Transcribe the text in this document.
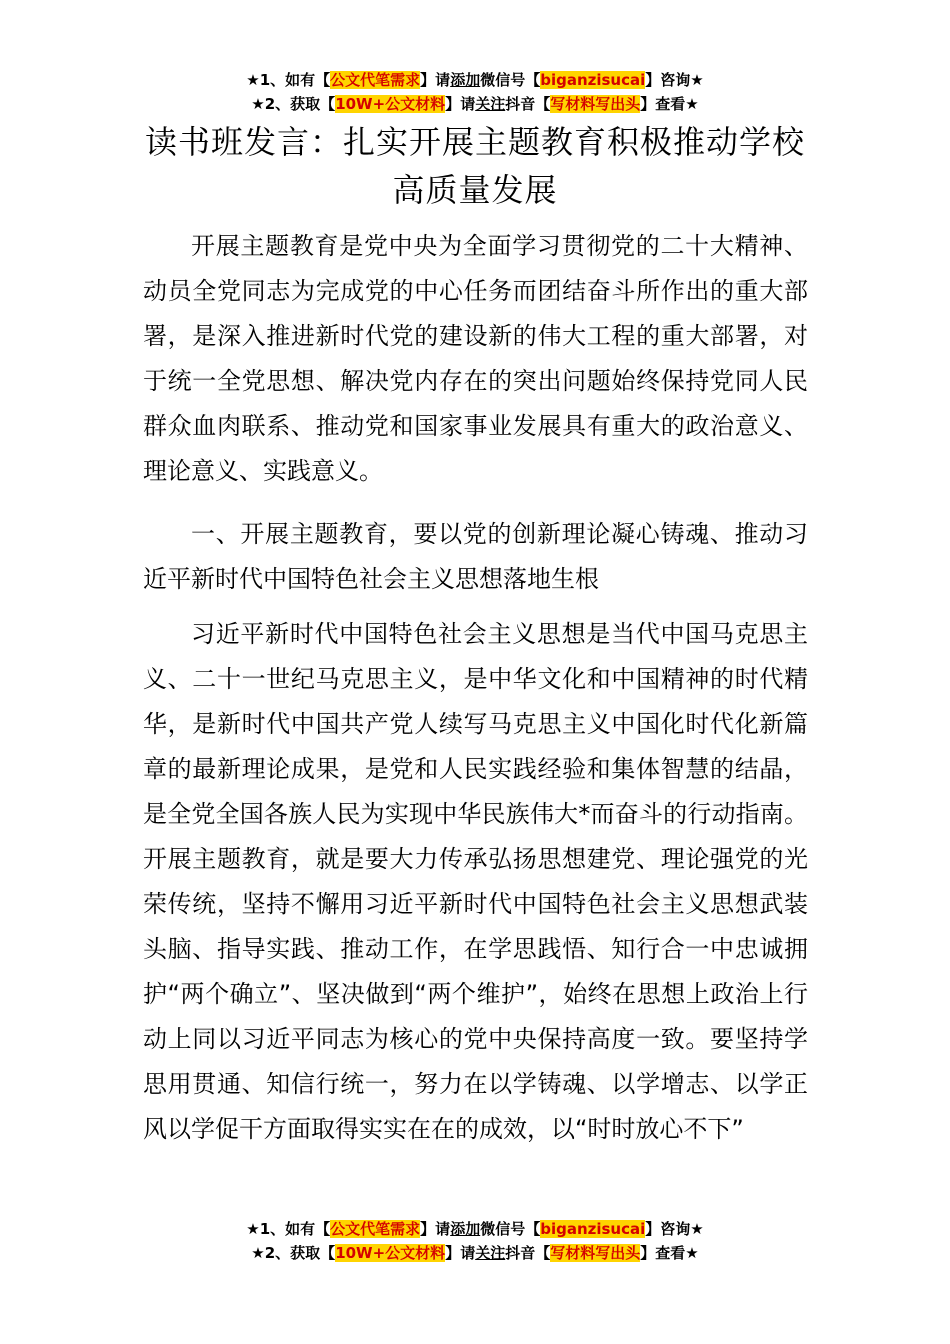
★1、如有【公文代笔需求】请添加微信号【biganzisucai】咨询★
★2、获取【10W+公文材料】请关注抖音【写材料写出头】查看★
读书班发言：扎实开展主题教育积极推动学校高质量发展

开展主题教育是党中央为全面学习贯彻党的二十大精神、动员全党同志为完成党的中心任务而团结奋斗所作出的重大部署，是深入推进新时代党的建设新的伟大工程的重大部署，对于统一全党思想、解决党内存在的突出问题始终保持党同人民群众血肉联系、推动党和国家事业发展具有重大的政治意义、理论意义、实践意义。

一、开展主题教育，要以党的创新理论凝心铸魂、推动习近平新时代中国特色社会主义思想落地生根

习近平新时代中国特色社会主义思想是当代中国马克思主义、二十一世纪马克思主义，是中华文化和中国精神的时代精华，是新时代中国共产党人续写马克思主义中国化时代化新篇章的最新理论成果，是党和人民实践经验和集体智慧的结晶，是全党全国各族人民为实现中华民族伟大*而奋斗的行动指南。开展主题教育，就是要大力传承弘扬思想建党、理论强党的光荣传统，坚持不懈用习近平新时代中国特色社会主义思想武装头脑、指导实践、推动工作，在学思践悟、知行合一中忠诚拥护“两个确立”、坚决做到“两个维护”，始终在思想上政治上行动上同以习近平同志为核心的党中央保持高度一致。要坚持学思用贯通、知信行统一，努力在以学铸魂、以学增志、以学正风以学促干方面取得实实在在的成效，以“时时放心不下”

★1、如有【公文代笔需求】请添加微信号【biganzisucai】咨询★
★2、获取【10W+公文材料】请关注抖音【写材料写出头】查看★
